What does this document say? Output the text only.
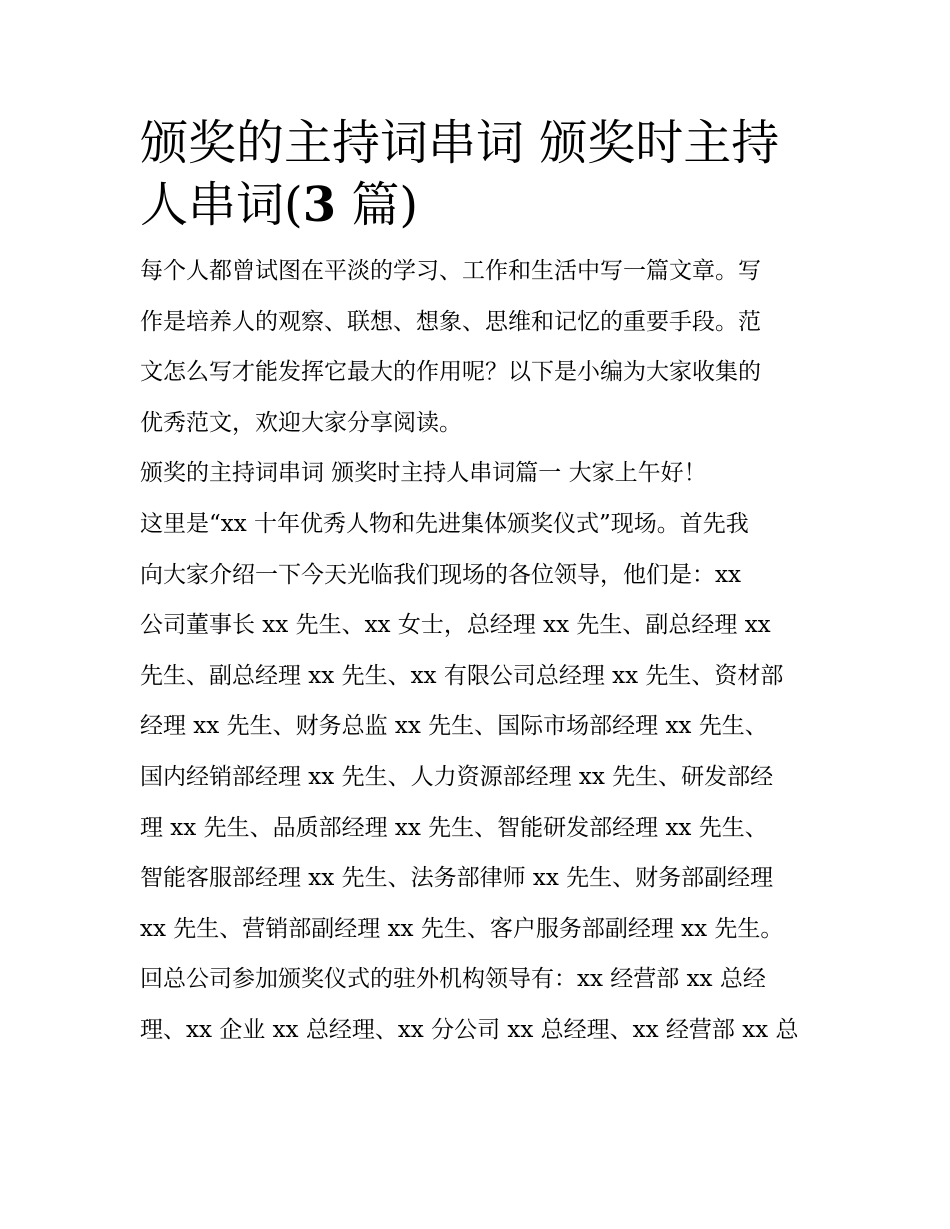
颁奖的主持词串词 颁奖时主持
人串词(3 篇)
每个人都曾试图在平淡的学习、工作和生活中写一篇文章。写
作是培养人的观察、联想、想象、思维和记忆的重要手段。范
文怎么写才能发挥它最大的作用呢？以下是小编为大家收集的
优秀范文，欢迎大家分享阅读。
颁奖的主持词串词 颁奖时主持人串词篇一 大家上午好！
这里是“xx 十年优秀人物和先进集体颁奖仪式”现场。首先我
向大家介绍一下今天光临我们现场的各位领导，他们是：xx
公司董事长 xx 先生、xx 女士，总经理 xx 先生、副总经理 xx
先生、副总经理 xx 先生、xx 有限公司总经理 xx 先生、资材部
经理 xx 先生、财务总监 xx 先生、国际市场部经理 xx 先生、
国内经销部经理 xx 先生、人力资源部经理 xx 先生、研发部经
理 xx 先生、品质部经理 xx 先生、智能研发部经理 xx 先生、
智能客服部经理 xx 先生、法务部律师 xx 先生、财务部副经理
xx 先生、营销部副经理 xx 先生、客户服务部副经理 xx 先生。
回总公司参加颁奖仪式的驻外机构领导有：xx 经营部 xx 总经
理、xx 企业 xx 总经理、xx 分公司 xx 总经理、xx 经营部 xx 总
